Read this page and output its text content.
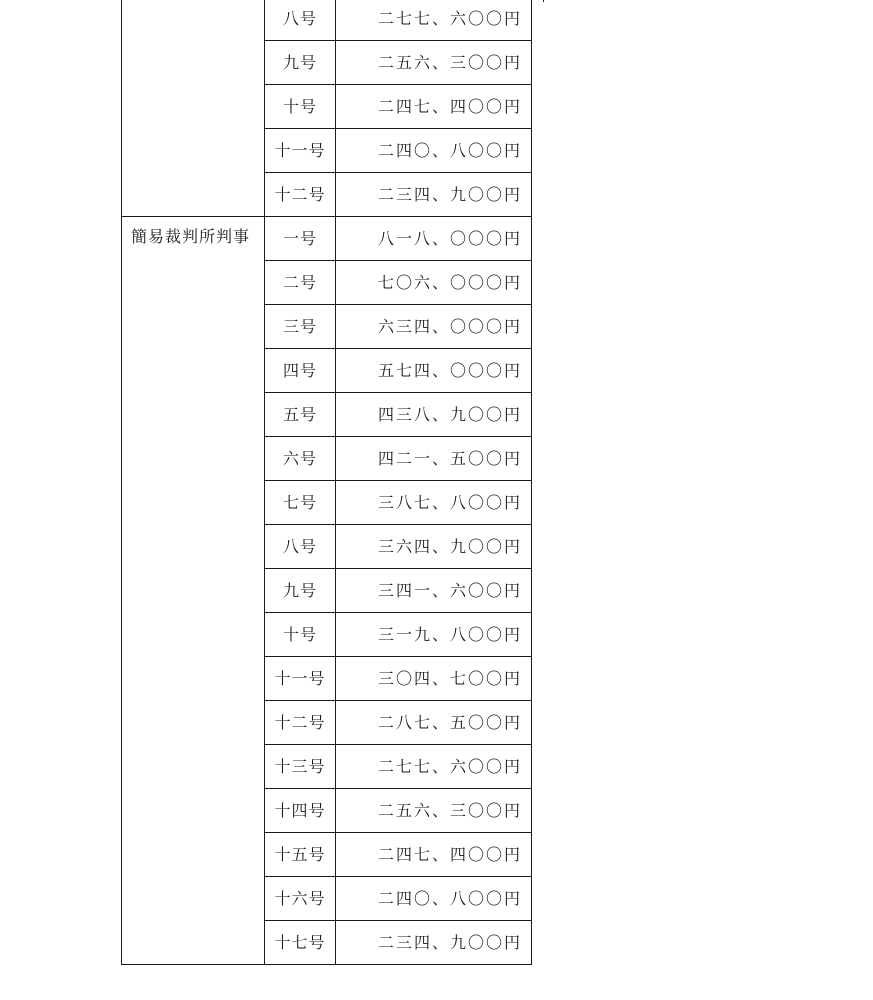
	八号	二七七、六〇〇円
	九号	二五六、三〇〇円
	十号	二四七、四〇〇円
	十一号	二四〇、八〇〇円
	十二号	二三四、九〇〇円
簡易裁判所判事	一号	八一八、〇〇〇円
	二号	七〇六、〇〇〇円
	三号	六三四、〇〇〇円
	四号	五七四、〇〇〇円
	五号	四三八、九〇〇円
	六号	四二一、五〇〇円
	七号	三八七、八〇〇円
	八号	三六四、九〇〇円
	九号	三四一、六〇〇円
	十号	三一九、八〇〇円
	十一号	三〇四、七〇〇円
	十二号	二八七、五〇〇円
	十三号	二七七、六〇〇円
	十四号	二五六、三〇〇円
	十五号	二四七、四〇〇円
	十六号	二四〇、八〇〇円
	十七号	二三四、九〇〇円
